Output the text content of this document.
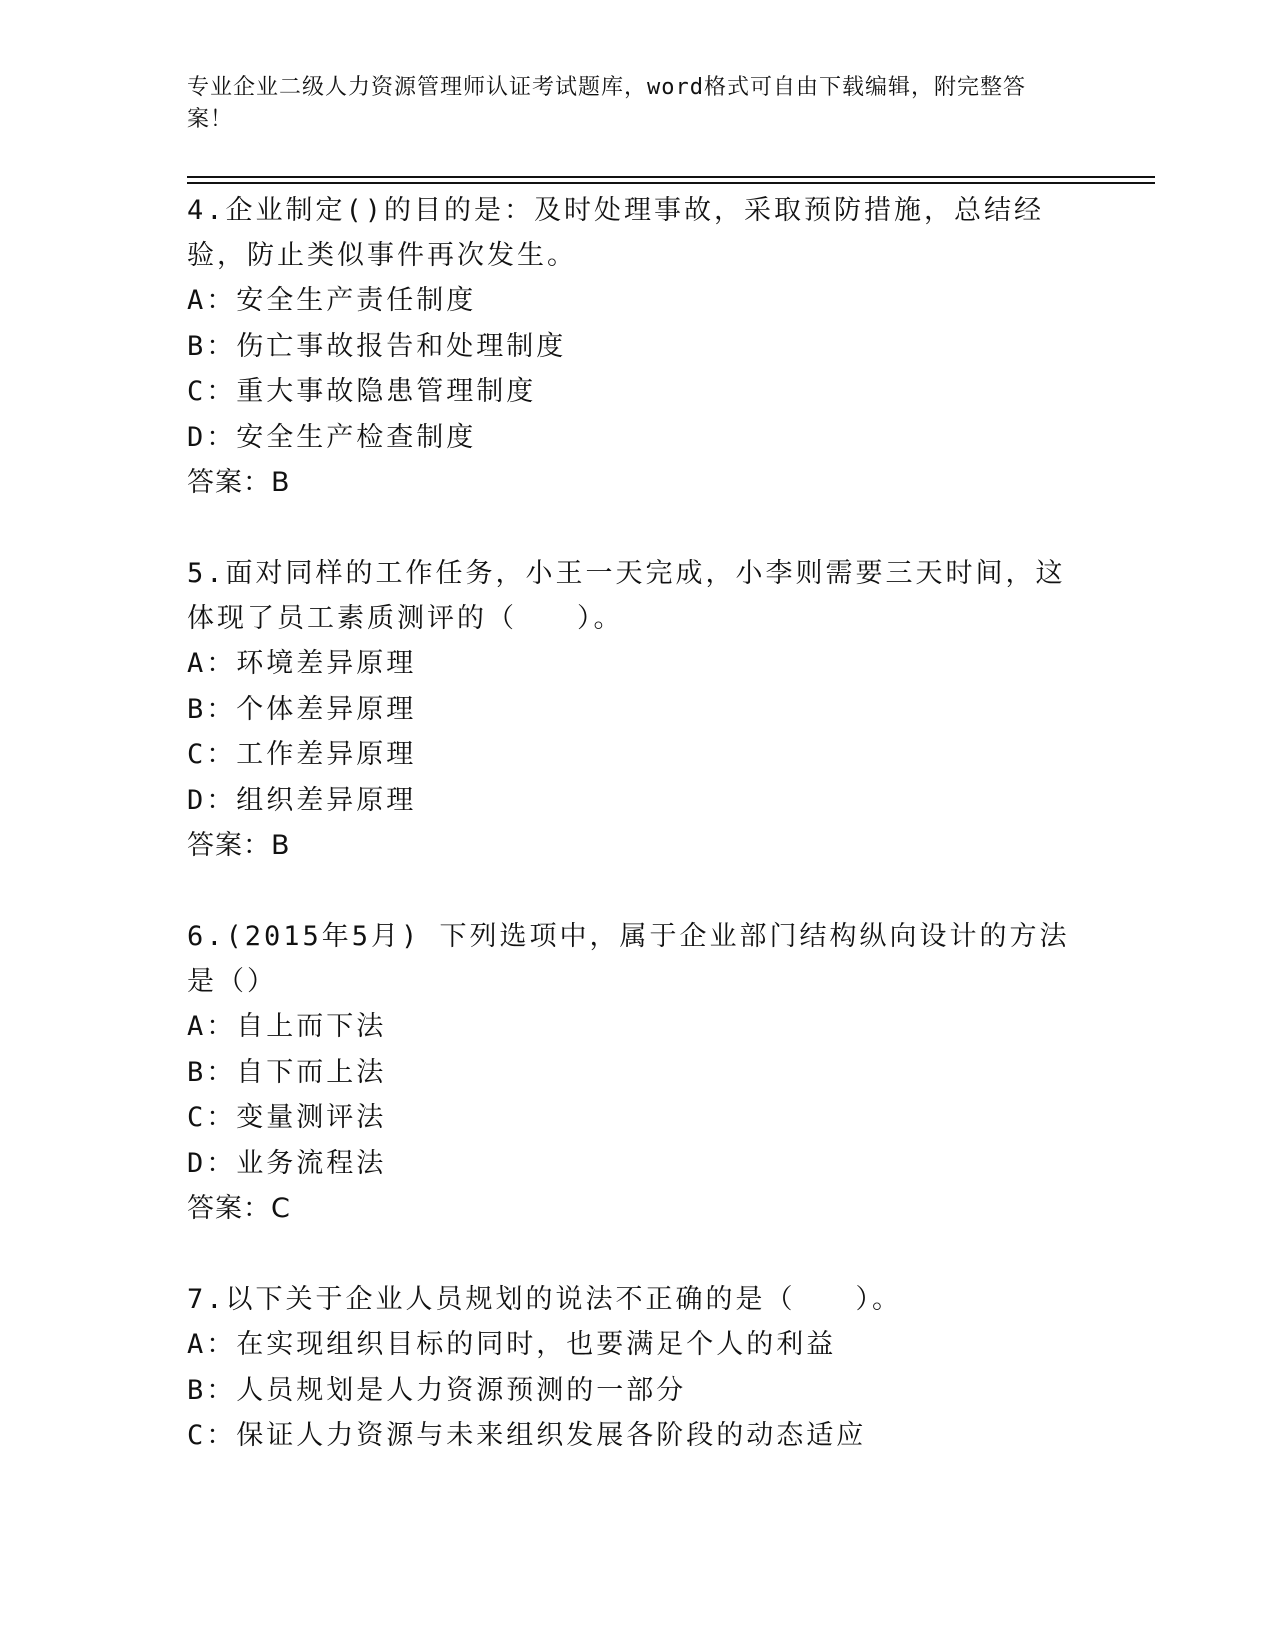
专业企业二级人力资源管理师认证考试题库，word格式可自由下载编辑，附完整答案！
4.企业制定()的目的是：及时处理事故，采取预防措施，总结经验，防止类似事件再次发生。
A：安全生产责任制度
B：伤亡事故报告和处理制度
C：重大事故隐患管理制度
D：安全生产检查制度
答案：B
5.面对同样的工作任务，小王一天完成，小李则需要三天时间，这体现了员工素质测评的（　　）。
A：环境差异原理
B：个体差异原理
C：工作差异原理
D：组织差异原理
答案：B
6.(2015年5月) 下列选项中，属于企业部门结构纵向设计的方法是（）
A：自上而下法
B：自下而上法
C：变量测评法
D：业务流程法
答案：C
7.以下关于企业人员规划的说法不正确的是（　　）。
A：在实现组织目标的同时，也要满足个人的利益
B：人员规划是人力资源预测的一部分
C：保证人力资源与未来组织发展各阶段的动态适应
